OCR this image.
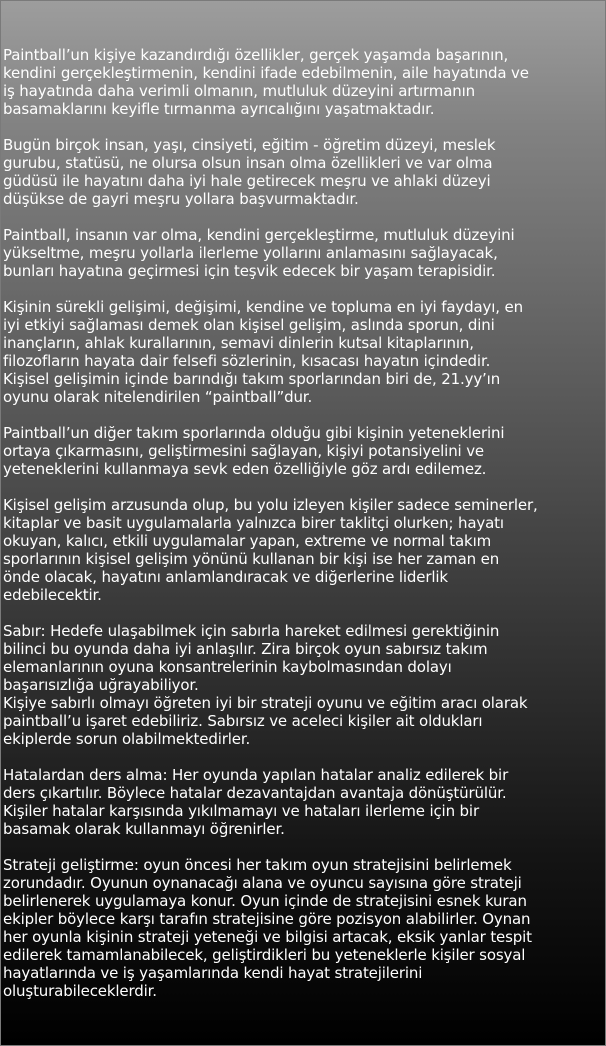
Paintball’un kişiye kazandırdığı özellikler, gerçek yaşamda başarının,
kendini gerçekleştirmenin, kendini ifade edebilmenin, aile hayatında ve
iş hayatında daha verimli olmanın, mutluluk düzeyini artırmanın
basamaklarını keyifle tırmanma ayrıcalığını yaşatmaktadır.

Bugün birçok insan, yaşı, cinsiyeti, eğitim - öğretim düzeyi, meslek
gurubu, statüsü, ne olursa olsun insan olma özellikleri ve var olma
güdüsü ile hayatını daha iyi hale getirecek meşru ve ahlaki düzeyi
düşükse de gayri meşru yollara başvurmaktadır.

Paintball, insanın var olma, kendini gerçekleştirme, mutluluk düzeyini
yükseltme, meşru yollarla ilerleme yollarını anlamasını sağlayacak,
bunları hayatına geçirmesi için teşvik edecek bir yaşam terapisidir.

Kişinin sürekli gelişimi, değişimi, kendine ve topluma en iyi faydayı, en
iyi etkiyi sağlaması demek olan kişisel gelişim, aslında sporun, dini
inançların, ahlak kurallarının, semavi dinlerin kutsal kitaplarının,
filozofların hayata dair felsefi sözlerinin, kısacası hayatın içindedir.
Kişisel gelişimin içinde barındığı takım sporlarından biri de, 21.yy’ın
oyunu olarak nitelendirilen “paintball”dur.

Paintball’un diğer takım sporlarında olduğu gibi kişinin yeteneklerini
ortaya çıkarmasını, geliştirmesini sağlayan, kişiyi potansiyelini ve
yeteneklerini kullanmaya sevk eden özelliğiyle göz ardı edilemez.

Kişisel gelişim arzusunda olup, bu yolu izleyen kişiler sadece seminerler,
kitaplar ve basit uygulamalarla yalnızca birer taklitçi olurken; hayatı
okuyan, kalıcı, etkili uygulamalar yapan, extreme ve normal takım
sporlarının kişisel gelişim yönünü kullanan bir kişi ise her zaman en
önde olacak, hayatını anlamlandıracak ve diğerlerine liderlik
edebilecektir.

Sabır: Hedefe ulaşabilmek için sabırla hareket edilmesi gerektiğinin
bilinci bu oyunda daha iyi anlaşılır. Zira birçok oyun sabırsız takım
elemanlarının oyuna konsantrelerinin kaybolmasından dolayı
başarısızlığa uğrayabiliyor.
Kişiye sabırlı olmayı öğreten iyi bir strateji oyunu ve eğitim aracı olarak
paintball’u işaret edebiliriz. Sabırsız ve aceleci kişiler ait oldukları
ekiplerde sorun olabilmektedirler.

Hatalardan ders alma: Her oyunda yapılan hatalar analiz edilerek bir
ders çıkartılır. Böylece hatalar dezavantajdan avantaja dönüştürülür.
Kişiler hatalar karşısında yıkılmamayı ve hataları ilerleme için bir
basamak olarak kullanmayı öğrenirler.

Strateji geliştirme: oyun öncesi her takım oyun stratejisini belirlemek
zorundadır. Oyunun oynanacağı alana ve oyuncu sayısına göre strateji
belirlenerek uygulamaya konur. Oyun içinde de stratejisini esnek kuran
ekipler böylece karşı tarafın stratejisine göre pozisyon alabilirler. Oynan
her oyunla kişinin strateji yeteneği ve bilgisi artacak, eksik yanlar tespit
edilerek tamamlanabilecek, geliştirdikleri bu yeteneklerle kişiler sosyal
hayatlarında ve iş yaşamlarında kendi hayat stratejilerini
oluşturabileceklerdir.
